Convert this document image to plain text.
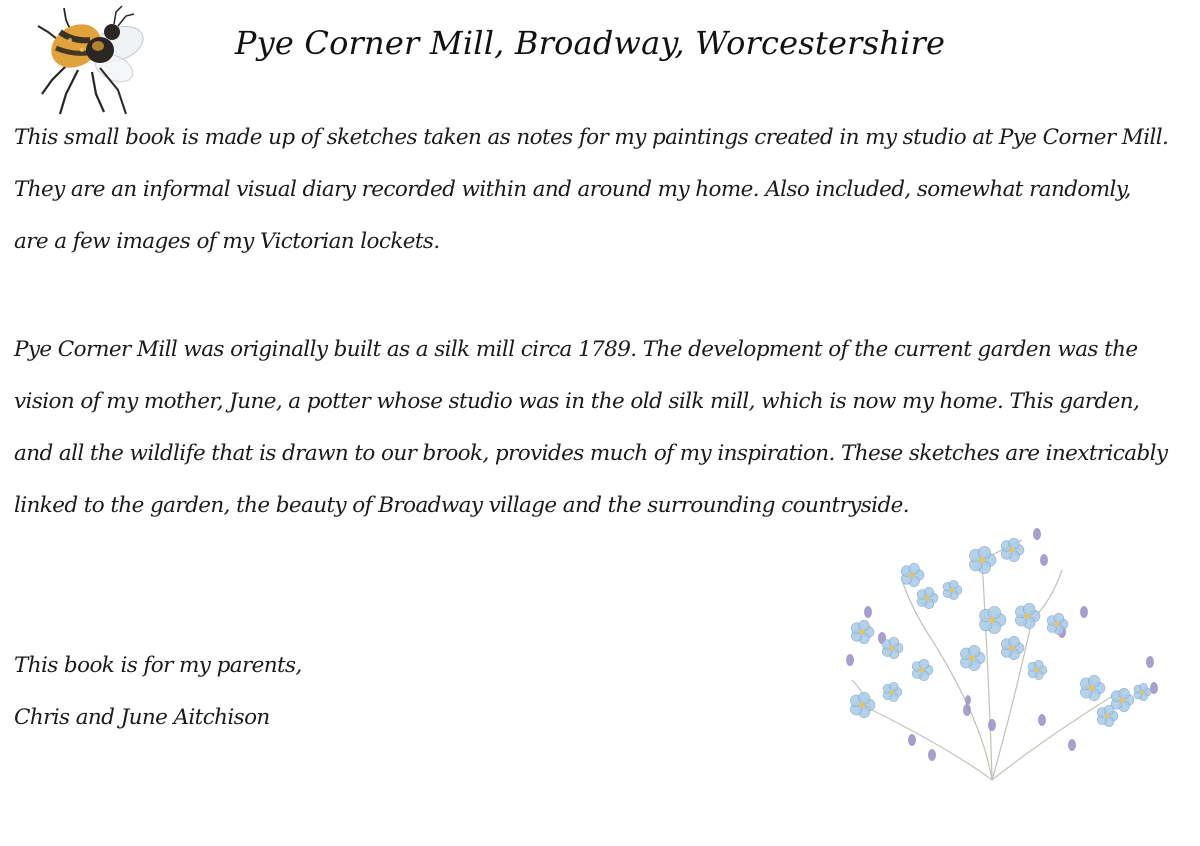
Pye Corner Mill, Broadway, Worcestershire
This small book is made up of sketches taken as notes for my paintings created in my studio at Pye Corner Mill.
They are an informal visual diary recorded within and around my home. Also included, somewhat randomly,
are a few images of my Victorian lockets.
Pye Corner Mill was originally built as a silk mill circa 1789. The development of the current garden was the
vision of my mother, June, a potter whose studio was in the old silk mill, which is now my home. This garden,
and all the wildlife that is drawn to our brook, provides much of my inspiration. These sketches are inextricably
linked to the garden, the beauty of Broadway village and the surrounding countryside.
This book is for my parents,
Chris and June Aitchison
